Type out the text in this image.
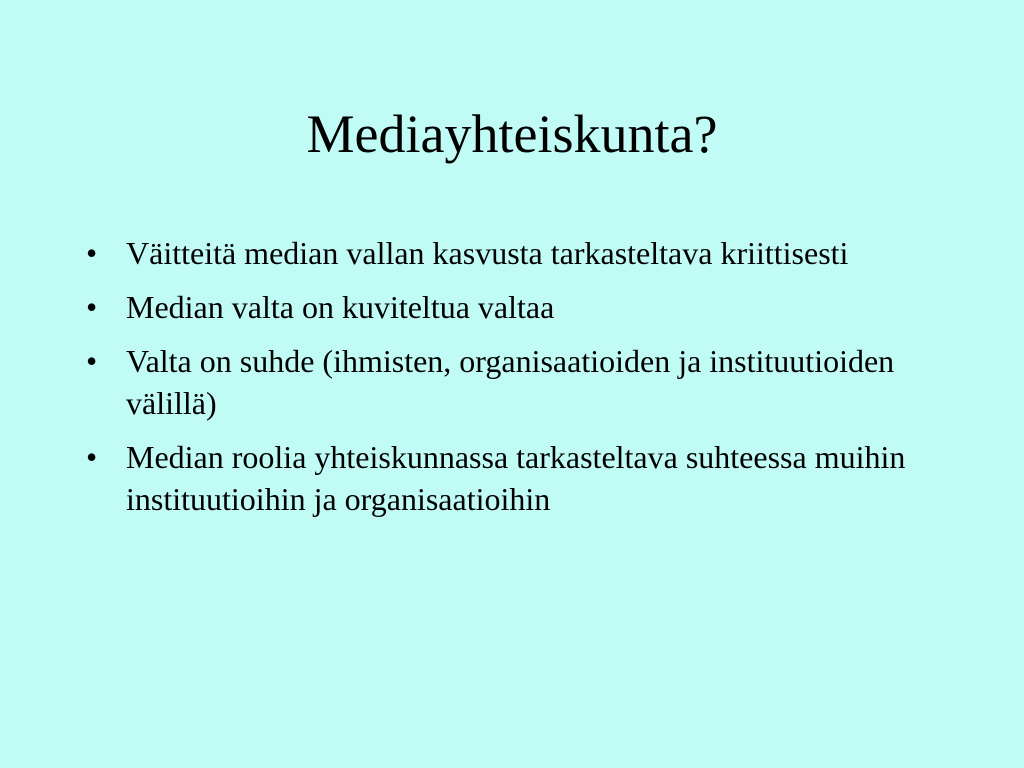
Mediayhteiskunta?
• Väitteitä median vallan kasvusta tarkasteltava kriittisesti
• Median valta on kuviteltua valtaa
• Valta on suhde (ihmisten, organisaatioiden ja instituutioiden välillä)
• Median roolia yhteiskunnassa tarkasteltava suhteessa muihin instituutioihin ja organisaatioihin
